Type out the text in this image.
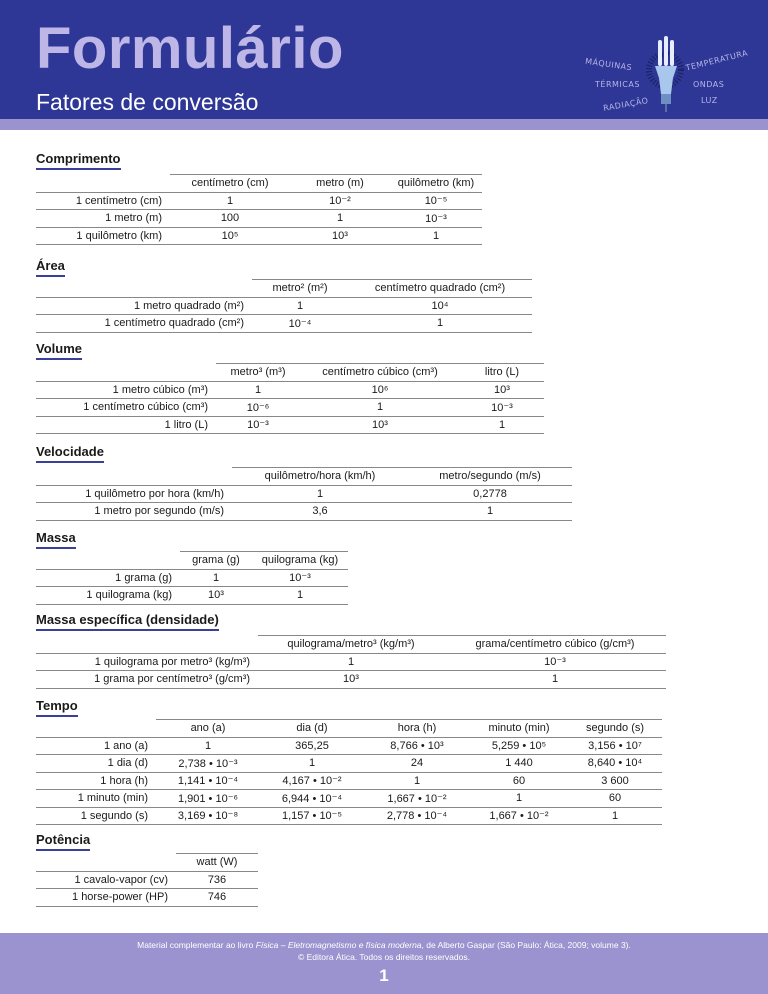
Formulário
Fatores de conversão
MÁQUINAS
TÉRMICAS
RADIAÇÃO
TEMPERATURA
ONDAS
LUZ
Comprimento
	centímetro (cm)	metro (m)	quilômetro (km)
1 centímetro (cm)	1	10⁻²	10⁻⁵
1 metro (m)	100	1	10⁻³
1 quilômetro (km)	10⁵	10³	1
Área
	metro² (m²)	centímetro quadrado (cm²)
1 metro quadrado (m²)	1	10⁴
1 centímetro quadrado (cm²)	10⁻⁴	1
Volume
	metro³ (m³)	centímetro cúbico (cm³)	litro (L)
1 metro cúbico (m³)	1	10⁶	10³
1 centímetro cúbico (cm³)	10⁻⁶	1	10⁻³
1 litro (L)	10⁻³	10³	1
Velocidade
	quilômetro/hora (km/h)	metro/segundo (m/s)
1 quilômetro por hora (km/h)	1	0,2778
1 metro por segundo (m/s)	3,6	1
Massa
	grama (g)	quilograma (kg)
1 grama (g)	1	10⁻³
1 quilograma (kg)	10³	1
Massa específica (densidade)
	quilograma/metro³ (kg/m³)	grama/centímetro cúbico (g/cm³)
1 quilograma por metro³ (kg/m³)	1	10⁻³
1 grama por centímetro³ (g/cm³)	10³	1
Tempo
	ano (a)	dia (d)	hora (h)	minuto (min)	segundo (s)
1 ano (a)	1	365,25	8,766 • 10³	5,259 • 10⁵	3,156 • 10⁷
1 dia (d)	2,738 • 10⁻³	1	24	1 440	8,640 • 10⁴
1 hora (h)	1,141 • 10⁻⁴	4,167 • 10⁻²	1	60	3 600
1 minuto (min)	1,901 • 10⁻⁶	6,944 • 10⁻⁴	1,667 • 10⁻²	1	60
1 segundo (s)	3,169 • 10⁻⁸	1,157 • 10⁻⁵	2,778 • 10⁻⁴	1,667 • 10⁻²	1
Potência
	watt (W)
1 cavalo-vapor (cv)	736
1 horse-power (HP)	746
Material complementar ao livro Física – Eletromagnetismo e física moderna, de Alberto Gaspar (São Paulo: Ática, 2009; volume 3).
© Editora Ática. Todos os direitos reservados.
1
